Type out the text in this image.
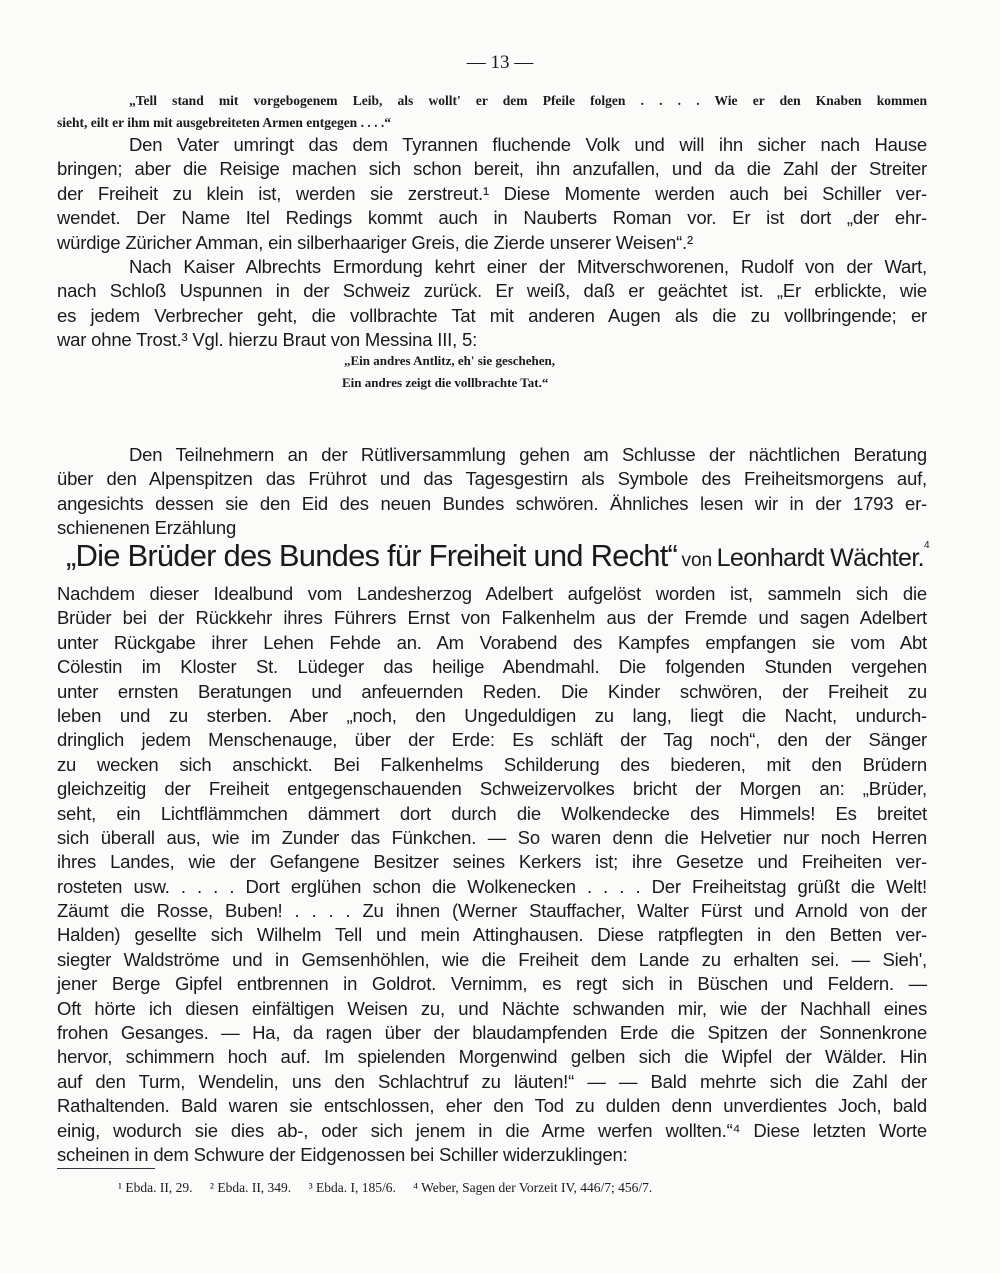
— 13 —
„Tell stand mit vorgebogenem Leib, als wollt' er dem Pfeile folgen . . . . Wie er den Knaben kommen
sieht, eilt er ihm mit ausgebreiteten Armen entgegen . . . .“
Den Vater umringt das dem Tyrannen fluchende Volk und will ihn sicher nach Hause
bringen; aber die Reisige machen sich schon bereit, ihn anzufallen, und da die Zahl der Streiter
der Freiheit zu klein ist, werden sie zerstreut.¹ Diese Momente werden auch bei Schiller ver-
wendet. Der Name Itel Redings kommt auch in Nauberts Roman vor. Er ist dort „der ehr-
würdige Züricher Amman, ein silberhaariger Greis, die Zierde unserer Weisen“.²
Nach Kaiser Albrechts Ermordung kehrt einer der Mitverschworenen, Rudolf von der Wart,
nach Schloß Uspunnen in der Schweiz zurück. Er weiß, daß er geächtet ist. „Er erblickte, wie
es jedem Verbrecher geht, die vollbrachte Tat mit anderen Augen als die zu vollbringende; er
war ohne Trost.³ Vgl. hierzu Braut von Messina III, 5:
„Ein andres Antlitz, eh' sie geschehen,
Ein andres zeigt die vollbrachte Tat.“
Den Teilnehmern an der Rütliversammlung gehen am Schlusse der nächtlichen Beratung
über den Alpenspitzen das Frührot und das Tagesgestirn als Symbole des Freiheitsmorgens auf,
angesichts dessen sie den Eid des neuen Bundes schwören. Ähnliches lesen wir in der 1793 er-
schienenen Erzählung
„Die Brüder des Bundes für Freiheit und Recht“ von Leonhardt Wächter.$^4$
Nachdem dieser Idealbund vom Landesherzog Adelbert aufgelöst worden ist, sammeln sich die
Brüder bei der Rückkehr ihres Führers Ernst von Falkenhelm aus der Fremde und sagen Adelbert
unter Rückgabe ihrer Lehen Fehde an. Am Vorabend des Kampfes empfangen sie vom Abt
Cölestin im Kloster St. Lüdeger das heilige Abendmahl. Die folgenden Stunden vergehen
unter ernsten Beratungen und anfeuernden Reden. Die Kinder schwören, der Freiheit zu
leben und zu sterben. Aber „noch, den Ungeduldigen zu lang, liegt die Nacht, undurch-
dringlich jedem Menschenauge, über der Erde: Es schläft der Tag noch“, den der Sänger
zu wecken sich anschickt. Bei Falkenhelms Schilderung des biederen, mit den Brüdern
gleichzeitig der Freiheit entgegenschauenden Schweizervolkes bricht der Morgen an: „Brüder,
seht, ein Lichtflämmchen dämmert dort durch die Wolkendecke des Himmels! Es breitet
sich überall aus, wie im Zunder das Fünkchen. — So waren denn die Helvetier nur noch Herren
ihres Landes, wie der Gefangene Besitzer seines Kerkers ist; ihre Gesetze und Freiheiten ver-
rosteten usw. . . . . Dort erglühen schon die Wolkenecken . . . . Der Freiheitstag grüßt die Welt!
Zäumt die Rosse, Buben! . . . . Zu ihnen (Werner Stauffacher, Walter Fürst und Arnold von der
Halden) gesellte sich Wilhelm Tell und mein Attinghausen. Diese ratpflegten in den Betten ver-
siegter Waldströme und in Gemsenhöhlen, wie die Freiheit dem Lande zu erhalten sei. — Sieh',
jener Berge Gipfel entbrennen in Goldrot. Vernimm, es regt sich in Büschen und Feldern. —
Oft hörte ich diesen einfältigen Weisen zu, und Nächte schwanden mir, wie der Nachhall eines
frohen Gesanges. — Ha, da ragen über der blaudampfenden Erde die Spitzen der Sonnenkrone
hervor, schimmern hoch auf. Im spielenden Morgenwind gelben sich die Wipfel der Wälder. Hin
auf den Turm, Wendelin, uns den Schlachtruf zu läuten!“ — — Bald mehrte sich die Zahl der
Rathaltenden. Bald waren sie entschlossen, eher den Tod zu dulden denn unverdientes Joch, bald
einig, wodurch sie dies ab-, oder sich jenem in die Arme werfen wollten.“⁴ Diese letzten Worte
scheinen in dem Schwure der Eidgenossen bei Schiller widerzuklingen:
¹ Ebda. II, 29. ² Ebda. II, 349. ³ Ebda. I, 185/6. ⁴ Weber, Sagen der Vorzeit IV, 446/7; 456/7.
